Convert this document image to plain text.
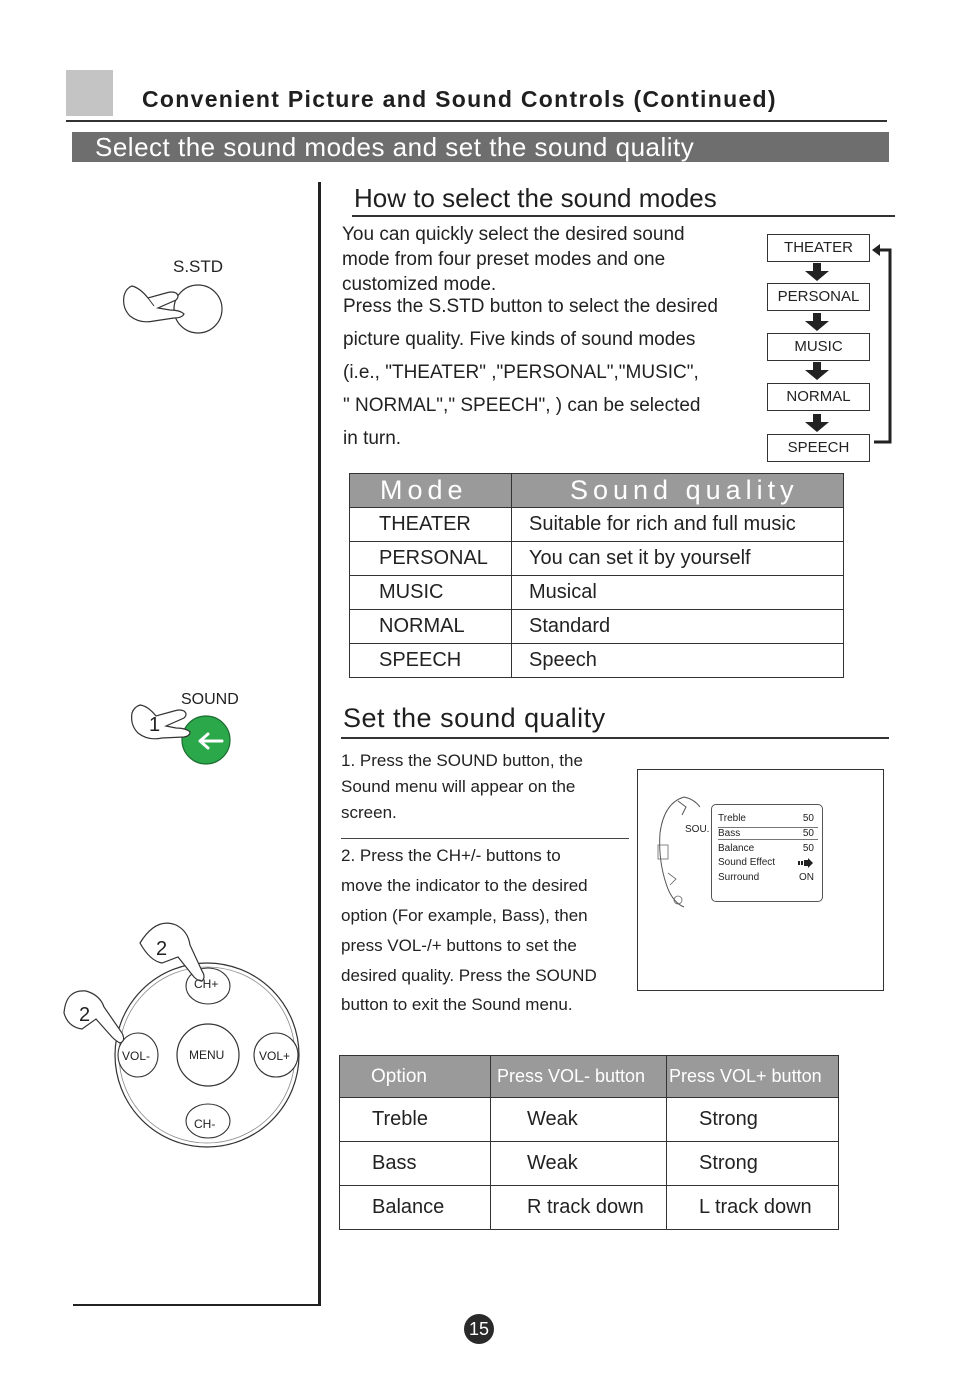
Convenient Picture and Sound Controls (Continued)
Select the sound modes and set the sound quality
S.STD
SOUND
1
2
2
CH+
CH-
VOL-	VOL+
MENU
How to select the sound modes
You can quickly select the desired sound
mode from four preset modes and one
customized mode.
Press the S.STD button to select the desired
picture quality. Five kinds of sound modes
(i.e., "THEATER" ,"PERSONAL","MUSIC",
" NORMAL"," SPEECH", ) can be selected
in turn.
THEATER
PERSONAL
MUSIC
NORMAL
SPEECH
Mode	Sound quality
THEATER	Suitable for rich and full music
PERSONAL	You can set it by yourself
MUSIC	Musical
NORMAL	Standard
SPEECH	Speech
Set the sound quality
1. Press the SOUND button, the
Sound menu will appear on the
screen.
2. Press the CH+/- buttons to
move the indicator to the desired
option (For example, Bass), then
press VOL-/+ buttons to set the
desired quality. Press the SOUND
button to exit the Sound menu.
SOU.
Treble	50
Bass	50
Balance	50
Sound Effect
Surround	ON
Option	Press VOL- button	Press VOL+ button
Treble	Weak	Strong
Bass	Weak	Strong
Balance	R track down	L track down
15
